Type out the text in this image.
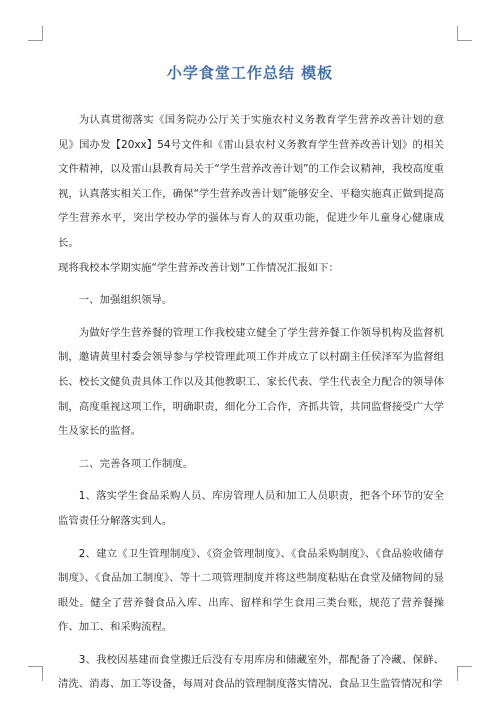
小学食堂工作总结 模板

为认真贯彻落实《国务院办公厅关于实施农村义务教育学生营养改善计划的意见》国办发【20xx】54号文件和《雷山县农村义务教育学生营养改善计划》的相关文件精神，以及雷山县教育局关于“学生营养改善计划”的工作会议精神，我校高度重视，认真落实相关工作，确保“学生营养改善计划”能够安全、平稳实施真正做到提高学生营养水平，突出学校办学的强体与育人的双重功能，促进少年儿童身心健康成长。

现将我校本学期实施“学生营养改善计划”工作情况汇报如下：

一、加强组织领导。

为做好学生营养餐的管理工作我校建立健全了学生营养餐工作领导机构及监督机制，邀请黄里村委会领导参与学校管理此项工作并成立了以村副主任侯泽军为监督组长、校长文健负责具体工作以及其他教职工、家长代表、学生代表全力配合的领导体制，高度重视这项工作，明确职责，细化分工合作，齐抓共管，共同监督接受广大学生及家长的监督。

二、完善各项工作制度。

1、落实学生食品采购人员、库房管理人员和加工人员职责，把各个环节的安全监管责任分解落实到人。

2、建立《卫生管理制度》、《资金管理制度》、《食品采购制度》、《食品验收储存制度》、《食品加工制度》、等十二项管理制度并将这些制度粘贴在食堂及储物间的显眼处。健全了营养餐食品入库、出库、留样和学生食用三类台账，规范了营养餐操作、加工、和采购流程。

3、我校因基建而食堂搬迁后没有专用库房和储藏室外，都配备了冷藏、保鲜、清洗、消毒、加工等设备，每周对食品的管理制度落实情况、食品卫生监管情况和学
